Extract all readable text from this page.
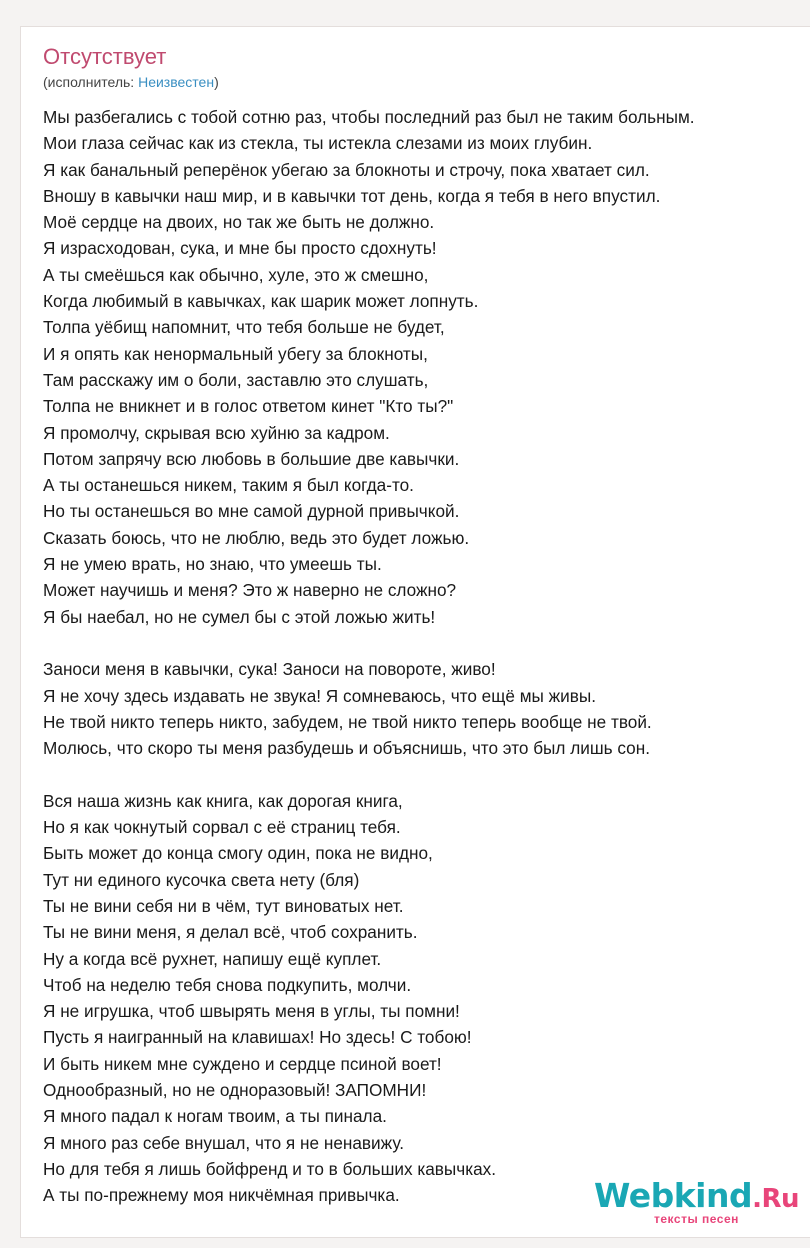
Отсутствует
(исполнитель: Неизвестен)
Мы разбегались с тобой сотню раз, чтобы последний раз был не таким больным.
Мои глаза сейчас как из стекла, ты истекла слезами из моих глубин.
Я как банальный реперёнок убегаю за блокноты и строчу, пока хватает сил.
Вношу в кавычки наш мир, и в кавычки тот день, когда я тебя в него впустил.
Моё сердце на двоих, но так же быть не должно.
Я израсходован, сука, и мне бы просто сдохнуть!
А ты смеёшься как обычно, хуле, это ж смешно,
Когда любимый в кавычках, как шарик может лопнуть.
Толпа уёбищ напомнит, что тебя больше не будет,
И я опять как ненормальный убегу за блокноты,
Там расскажу им о боли, заставлю это слушать,
Толпа не вникнет и в голос ответом кинет "Кто ты?"
Я промолчу, скрывая всю хуйню за кадром.
Потом запрячу всю любовь в большие две кавычки.
А ты останешься никем, таким я был когда-то.
Но ты останешься во мне самой дурной привычкой.
Сказать боюсь, что не люблю, ведь это будет ложью.
Я не умею врать, но знаю, что умеешь ты.
Может научишь и меня? Это ж наверно не сложно?
Я бы наебал, но не сумел бы с этой ложью жить!
Заноси меня в кавычки, сука! Заноси на повороте, живо!
Я не хочу здесь издавать не звука! Я сомневаюсь, что ещё мы живы.
Не твой никто теперь никто, забудем, не твой никто теперь вообще не твой.
Молюсь, что скоро ты меня разбудешь и объяснишь, что это был лишь сон.
Вся наша жизнь как книга, как дорогая книга,
Но я как чокнутый сорвал с её страниц тебя.
Быть может до конца смогу один, пока не видно,
Тут ни единого кусочка света нету (бля)
Ты не вини себя ни в чём, тут виноватых нет.
Ты не вини меня, я делал всё, чтоб сохранить.
Ну а когда всё рухнет, напишу ещё куплет.
Чтоб на неделю тебя снова подкупить, молчи.
Я не игрушка, чтоб швырять меня в углы, ты помни!
Пусть я наигранный на клавишах! Но здесь! С тобою!
И быть никем мне суждено и сердце псиной воет!
Однообразный, но не одноразовый! ЗАПОМНИ!
Я много падал к ногам твоим, а ты пинала.
Я много раз себе внушал, что я не ненавижу.
Но для тебя я лишь бойфренд и то в больших кавычках.
А ты по-прежнему моя никчёмная привычка.	Webkind.Ru
тексты песен
